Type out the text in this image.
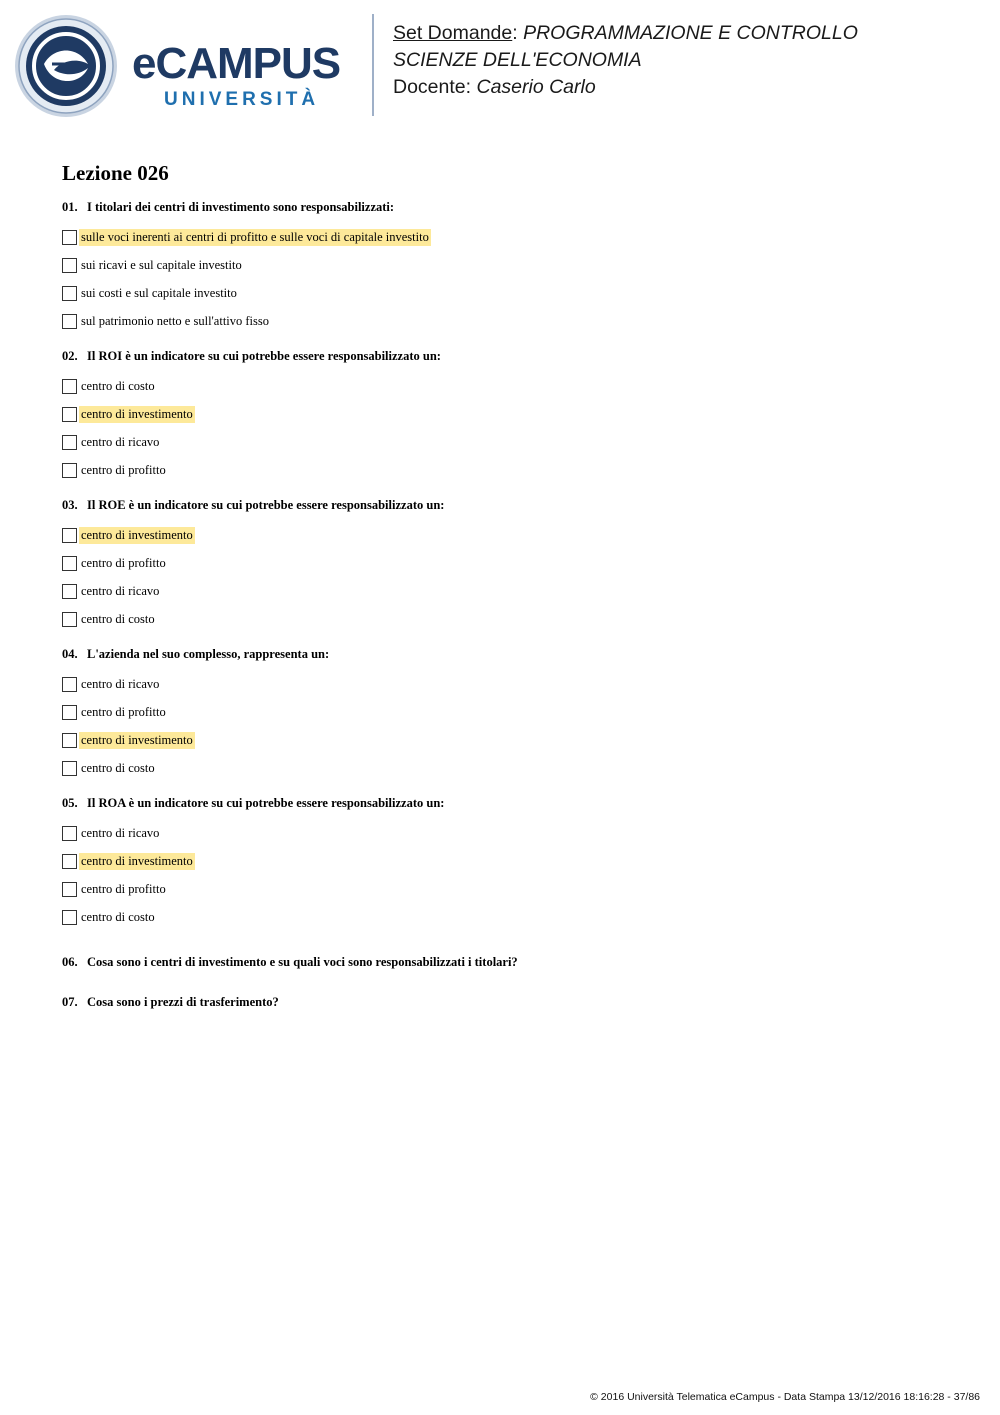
eCAMPUS
UNIVERSITÀ
Set Domande: PROGRAMMAZIONE E CONTROLLO
SCIENZE DELL'ECONOMIA
Docente: Caserio Carlo
Lezione 026
01. I titolari dei centri di investimento sono responsabilizzati:
sulle voci inerenti ai centri di profitto e sulle voci di capitale investito
sui ricavi e sul capitale investito
sui costi e sul capitale investito
sul patrimonio netto e sull'attivo fisso
02. Il ROI è un indicatore su cui potrebbe essere responsabilizzato un:
centro di costo
centro di investimento
centro di ricavo
centro di profitto
03. Il ROE è un indicatore su cui potrebbe essere responsabilizzato un:
centro di investimento
centro di profitto
centro di ricavo
centro di costo
04. L'azienda nel suo complesso, rappresenta un:
centro di ricavo
centro di profitto
centro di investimento
centro di costo
05. Il ROA è un indicatore su cui potrebbe essere responsabilizzato un:
centro di ricavo
centro di investimento
centro di profitto
centro di costo
06. Cosa sono i centri di investimento e su quali voci sono responsabilizzati i titolari?
07. Cosa sono i prezzi di trasferimento?
© 2016 Università Telematica eCampus - Data Stampa 13/12/2016 18:16:28 - 37/86
